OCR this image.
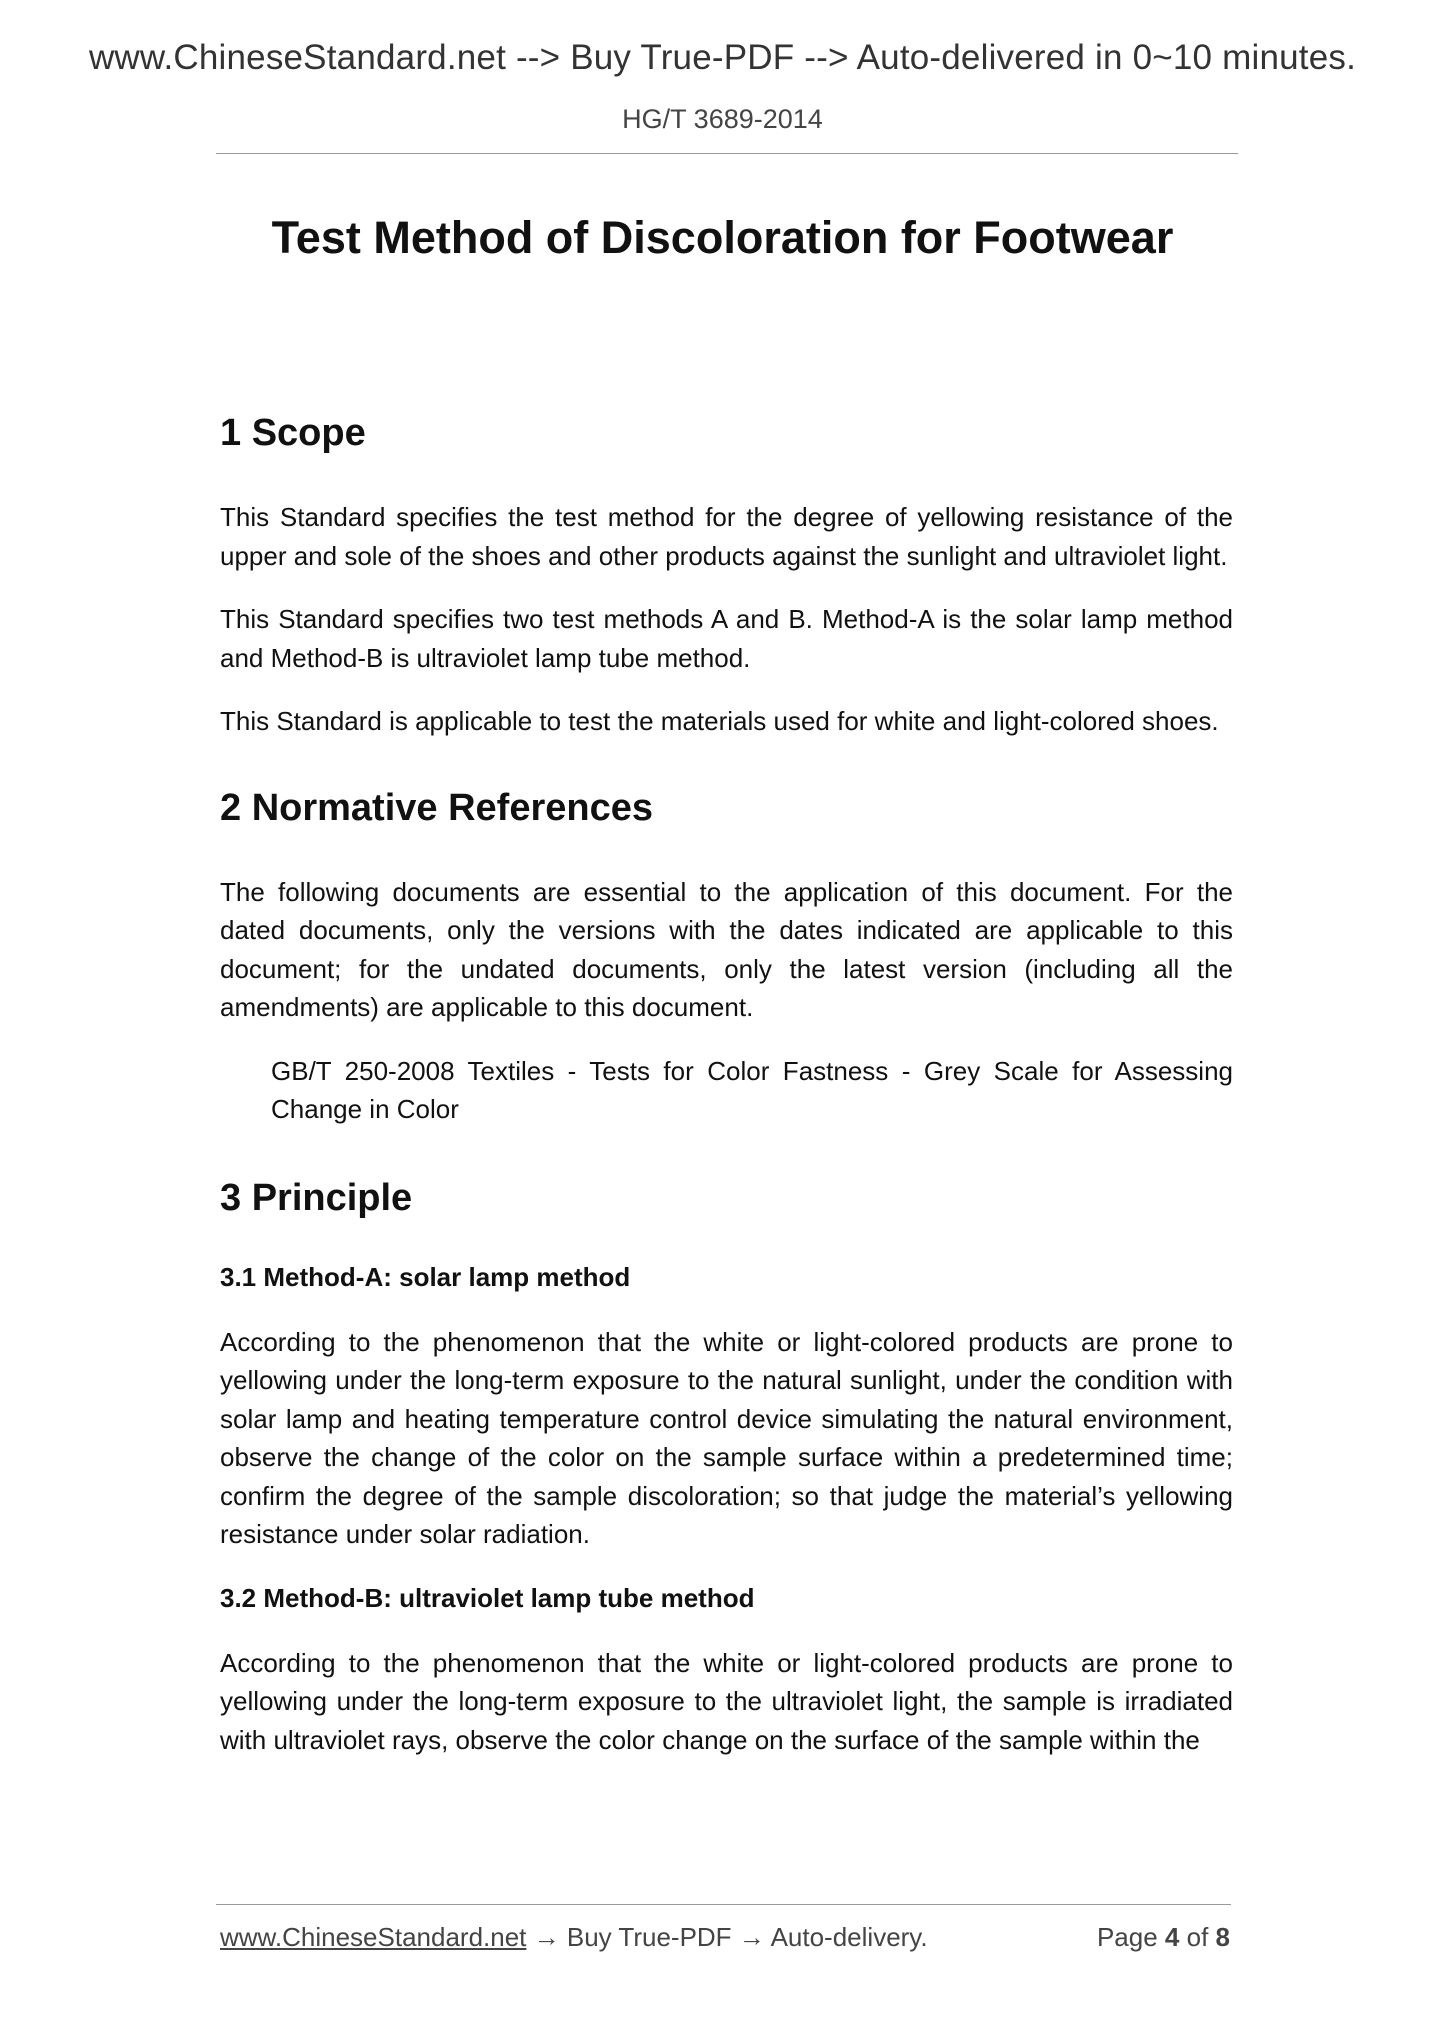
www.ChineseStandard.net --> Buy True-PDF --> Auto-delivered in 0~10 minutes.
HG/T 3689-2014
Test Method of Discoloration for Footwear
1 Scope

This Standard specifies the test method for the degree of yellowing resistance of the upper and sole of the shoes and other products against the sunlight and ultraviolet light.

This Standard specifies two test methods A and B. Method-A is the solar lamp method and Method-B is ultraviolet lamp tube method.

This Standard is applicable to test the materials used for white and light-colored shoes.

2 Normative References

The following documents are essential to the application of this document. For the dated documents, only the versions with the dates indicated are applicable to this document; for the undated documents, only the latest version (including all the amendments) are applicable to this document.

GB/T 250-2008 Textiles - Tests for Color Fastness - Grey Scale for Assessing Change in Color

3 Principle
3.1 Method-A: solar lamp method

According to the phenomenon that the white or light-colored products are prone to yellowing under the long-term exposure to the natural sunlight, under the condition with solar lamp and heating temperature control device simulating the natural environment, observe the change of the color on the sample surface within a predetermined time; confirm the degree of the sample discoloration; so that judge the material’s yellowing resistance under solar radiation.

3.2 Method-B: ultraviolet lamp tube method

According to the phenomenon that the white or light-colored products are prone to yellowing under the long-term exposure to the ultraviolet light, the sample is irradiated with ultraviolet rays, observe the color change on the surface of the sample within the

www.ChineseStandard.net → Buy True-PDF → Auto-delivery.	Page 4 of 8
